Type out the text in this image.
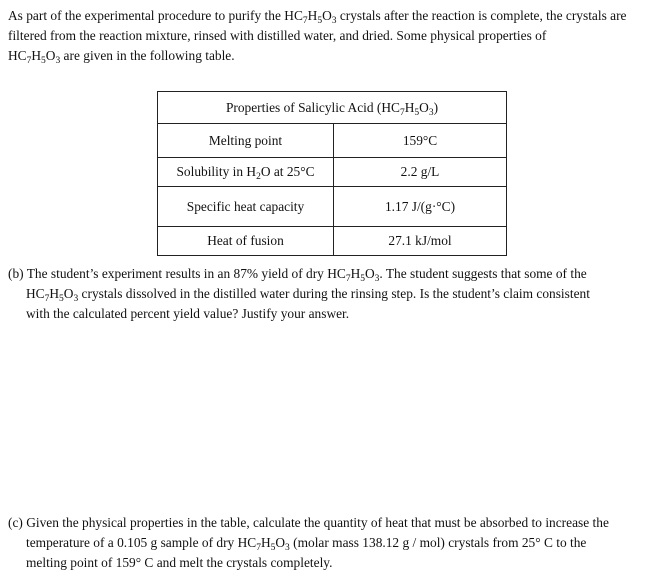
As part of the experimental procedure to purify the $HC_7H_5O_3$ crystals after the reaction is complete, the crystals are filtered from the reaction mixture, rinsed with distilled water, and dried. Some physical properties of
$HC_7H_5O_3$ are given in the following table.

Properties of Salicylic Acid $(HC_7H_5O_3)$	
Melting point	159°C
Solubility in $H_2O$ at 25°C	2.2 g/L
Specific heat capacity	1.17 J/(g·°C)
Heat of fusion	27.1 kJ/mol
(b) The student’s experiment results in an 87% yield of dry $HC_7H_5O_3$. The student suggests that some of the
$HC_7H_5O_3$ crystals dissolved in the distilled water during the rinsing step. Is the student’s claim consistent
with the calculated percent yield value? Justify your answer.
(c) Given the physical properties in the table, calculate the quantity of heat that must be absorbed to increase the
temperature of a 0.105 g sample of dry $HC_7H_5O_3$ (molar mass 138.12 g / mol) crystals from 25° C to the
melting point of 159° C and melt the crystals completely.
